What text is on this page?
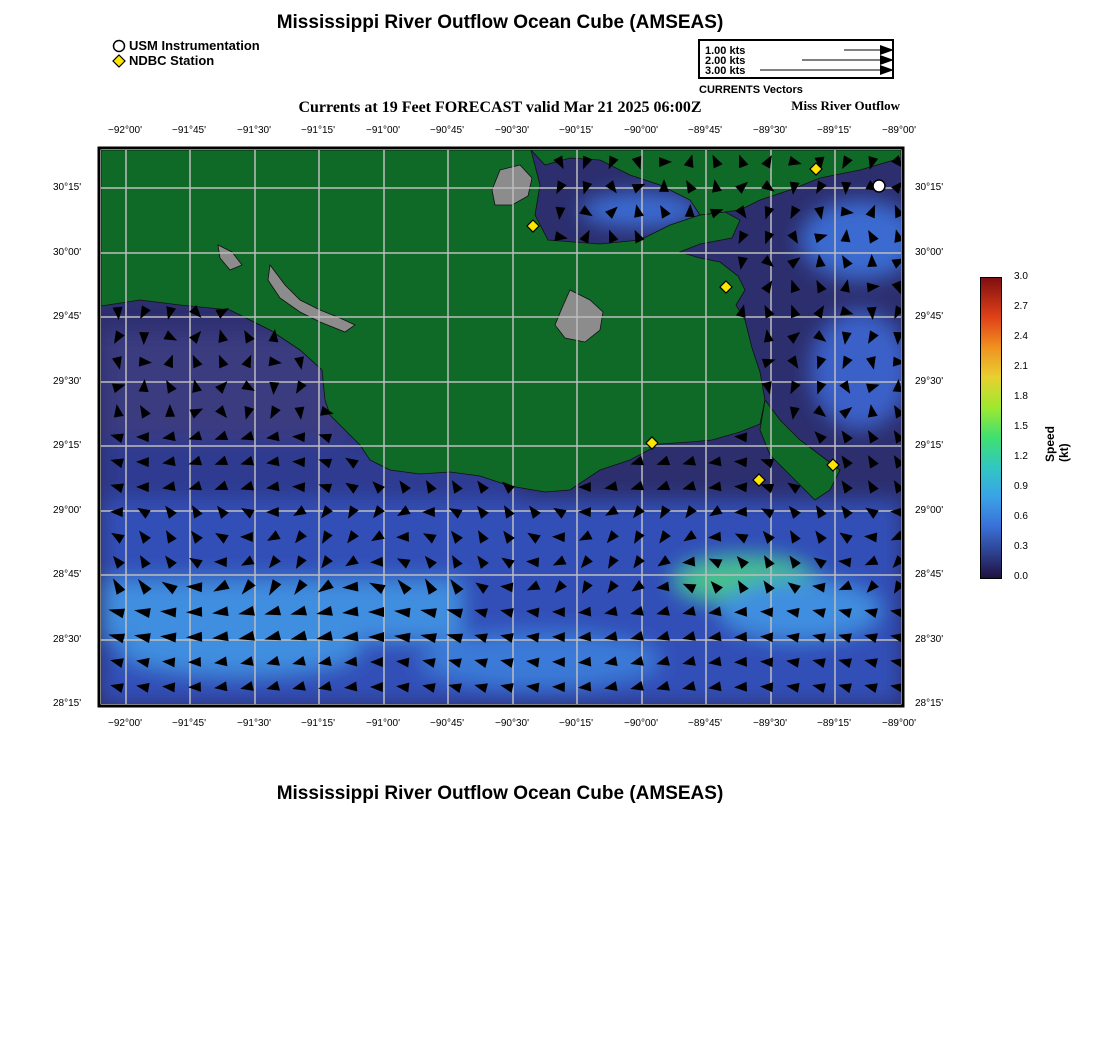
Mississippi River Outflow Ocean Cube (AMSEAS)
USM Instrumentation
NDBC Station
1.00 kts
2.00 kts
3.00 kts
CURRENTS Vectors
Currents at 19 Feet FORECAST valid Mar 21 2025 06:00Z	Miss River Outflow
−92°00'	−91°45'	−91°30'	−91°15'	−91°00'	−90°45'	−90°30'	−90°15'	−90°00'	−89°45'	−89°30'	−89°15'	−89°00'
−92°00'	−91°45'	−91°30'	−91°15'	−91°00'	−90°45'	−90°30'	−90°15'	−90°00'	−89°45'	−89°30'	−89°15'	−89°00'
30°15'
30°00'
29°45'
29°30'
29°15'
29°00'
28°45'
28°30'
28°15'
30°15'
30°00'
29°45'
29°30'
29°15'
29°00'
28°45'
28°30'
28°15'
3.0
2.7
2.4
2.1
1.8
1.5
1.2
0.9
0.6
0.3
0.0
Speed (kt)
Mississippi River Outflow Ocean Cube (AMSEAS)
